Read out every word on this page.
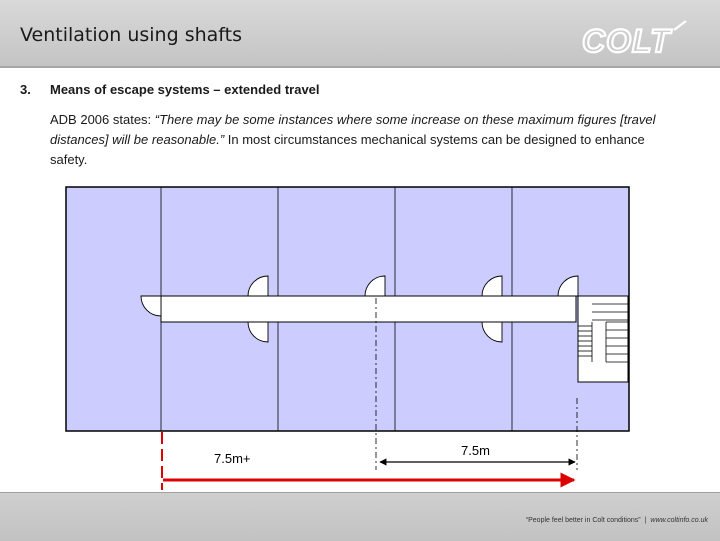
Ventilation using shafts	COLT
3. Means of escape systems – extended travel
ADB 2006 states: “There may be some instances where some increase on these maximum figures [travel distances] will be reasonable.” In most circumstances mechanical systems can be designed to enhance safety.
7.5m+
7.5m
“People feel better in Colt conditions” | www.coltinfo.co.uk
